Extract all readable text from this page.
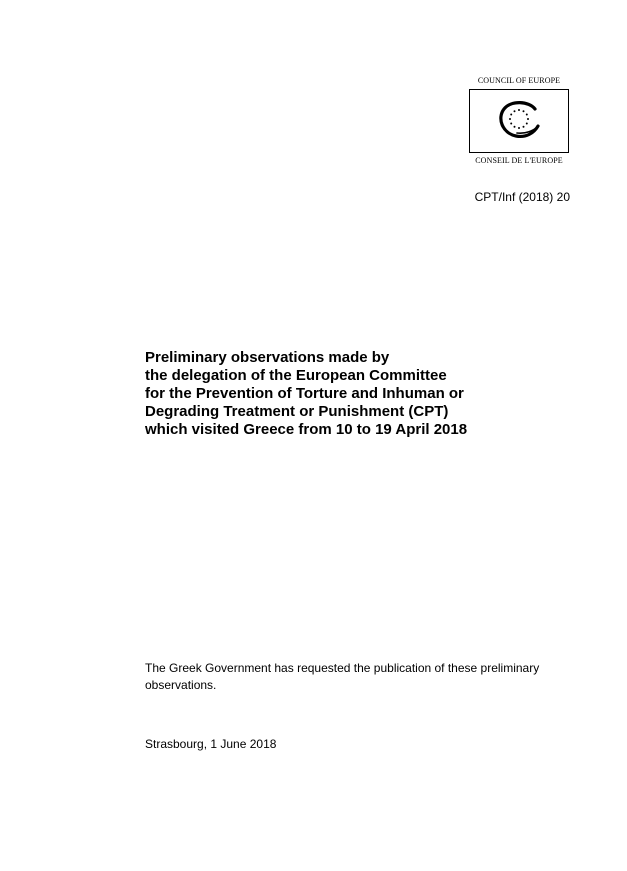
COUNCIL OF EUROPE
CONSEIL DE L'EUROPE
CPT/Inf (2018) 20
Preliminary observations made by
the delegation of the European Committee
for the Prevention of Torture and Inhuman or
Degrading Treatment or Punishment (CPT)
which visited Greece from 10 to 19 April 2018

The Greek Government has requested the publication of these preliminary observations.

Strasbourg, 1 June 2018
